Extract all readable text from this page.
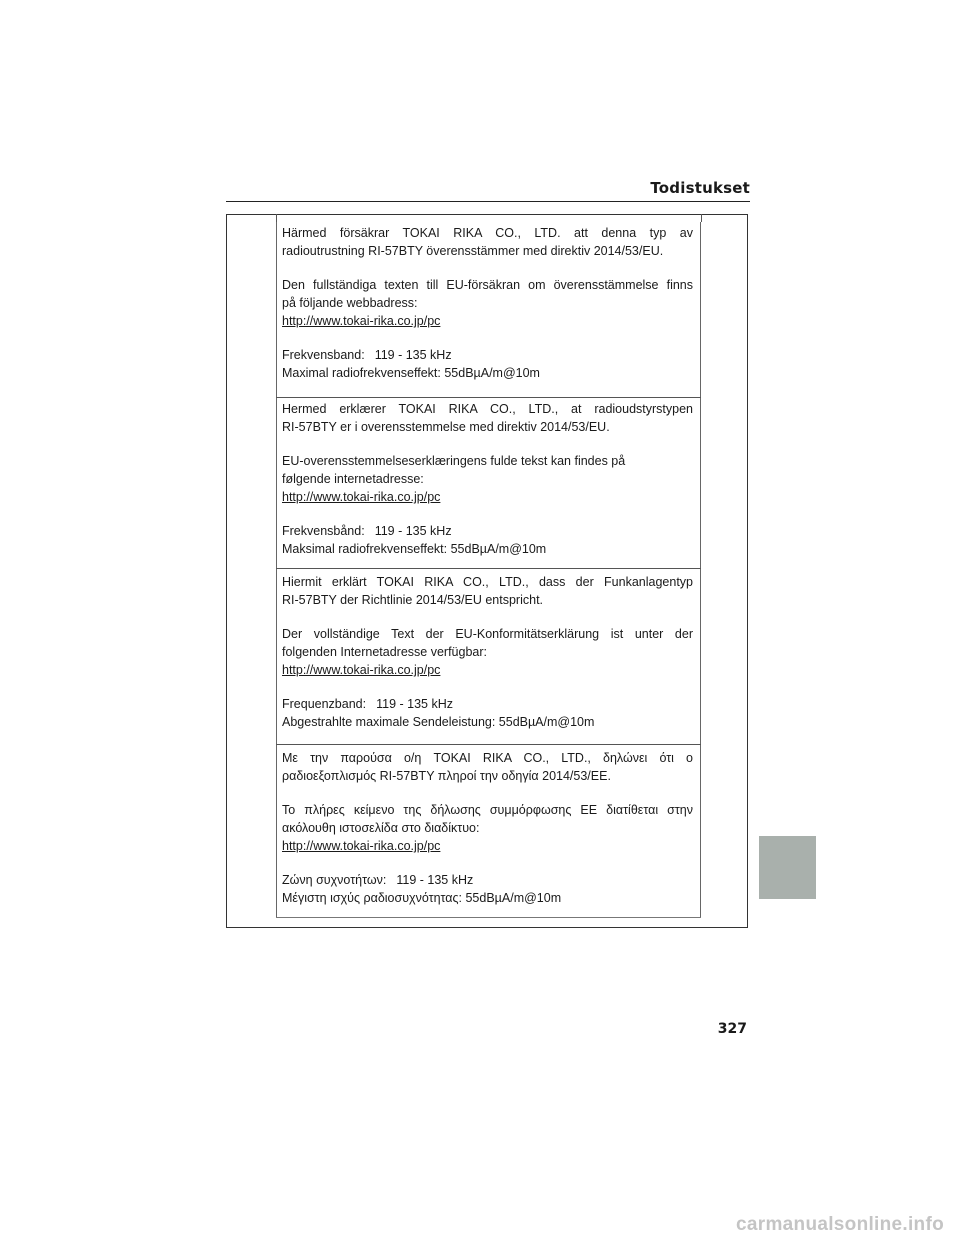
Todistukset

Härmed försäkrar TOKAI RIKA CO., LTD. att denna typ av

radioutrustning RI-57BTY överensstämmer med direktiv 2014/53/EU.

Den fullständiga texten till EU-försäkran om överensstämmelse finns

på följande webbadress:

http://www.tokai-rika.co.jp/pc

Frekvensband: 119 - 135 kHz

Maximal radiofrekvenseffekt: 55dBµA/m@10m

Hermed erklærer TOKAI RIKA CO., LTD., at radioudstyrstypen

RI-57BTY er i overensstemmelse med direktiv 2014/53/EU.

EU-overensstemmelseserklæringens fulde tekst kan findes på

følgende internetadresse:

http://www.tokai-rika.co.jp/pc

Frekvensbånd: 119 - 135 kHz

Maksimal radiofrekvenseffekt: 55dBµA/m@10m

Hiermit erklärt TOKAI RIKA CO., LTD., dass der Funkanlagentyp

RI-57BTY der Richtlinie 2014/53/EU entspricht.

Der vollständige Text der EU-Konformitätserklärung ist unter der

folgenden Internetadresse verfügbar:

http://www.tokai-rika.co.jp/pc

Frequenzband: 119 - 135 kHz

Abgestrahlte maximale Sendeleistung: 55dBµA/m@10m

Με την παρούσα ο/η TOKAI RIKA CO., LTD., δηλώνει ότι ο

ραδιοεξοπλισμός RI-57BTY πληροί την οδηγία 2014/53/ΕΕ.

Το πλήρες κείμενο της δήλωσης συμμόρφωσης ΕΕ διατίθεται στην

ακόλουθη ιστοσελίδα στο διαδίκτυο:

http://www.tokai-rika.co.jp/pc

Ζώνη συχνοτήτων: 119 - 135 kHz

Μέγιστη ισχύς ραδιοσυχνότητας: 55dBµA/m@10m

327
carmanualsonline.info
